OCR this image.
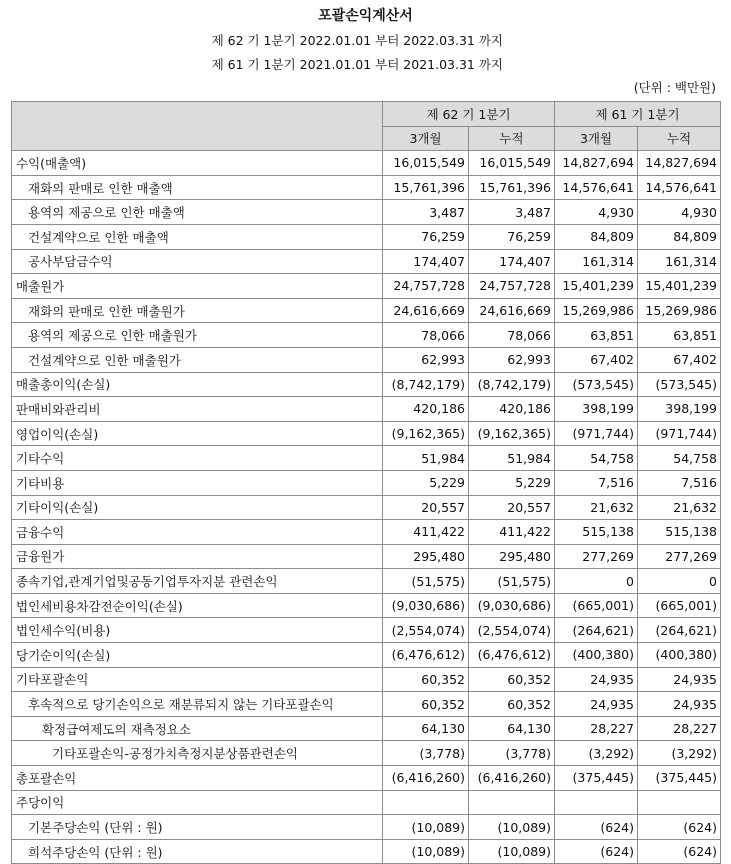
포괄손익계산서
제 62 기 1분기 2022.01.01 부터 2022.03.31 까지
제 61 기 1분기 2021.01.01 부터 2021.03.31 까지
(단위 : 백만원)
	제 62 기 1분기		제 61 기 1분기	
	3개월	누적	3개월	누적
수익(매출액)	16,015,549	16,015,549	14,827,694	14,827,694
재화의 판매로 인한 매출액	15,761,396	15,761,396	14,576,641	14,576,641
용역의 제공으로 인한 매출액	3,487	3,487	4,930	4,930
건설계약으로 인한 매출액	76,259	76,259	84,809	84,809
공사부담금수익	174,407	174,407	161,314	161,314
매출원가	24,757,728	24,757,728	15,401,239	15,401,239
재화의 판매로 인한 매출원가	24,616,669	24,616,669	15,269,986	15,269,986
용역의 제공으로 인한 매출원가	78,066	78,066	63,851	63,851
건설계약으로 인한 매출원가	62,993	62,993	67,402	67,402
매출총이익(손실)	(8,742,179)	(8,742,179)	(573,545)	(573,545)
판매비와관리비	420,186	420,186	398,199	398,199
영업이익(손실)	(9,162,365)	(9,162,365)	(971,744)	(971,744)
기타수익	51,984	51,984	54,758	54,758
기타비용	5,229	5,229	7,516	7,516
기타이익(손실)	20,557	20,557	21,632	21,632
금융수익	411,422	411,422	515,138	515,138
금융원가	295,480	295,480	277,269	277,269
종속기업,관계기업및공동기업투자지분 관련손익	(51,575)	(51,575)	0	0
법인세비용차감전순이익(손실)	(9,030,686)	(9,030,686)	(665,001)	(665,001)
법인세수익(비용)	(2,554,074)	(2,554,074)	(264,621)	(264,621)
당기순이익(손실)	(6,476,612)	(6,476,612)	(400,380)	(400,380)
기타포괄손익	60,352	60,352	24,935	24,935
후속적으로 당기손익으로 재분류되지 않는 기타포괄손익	60,352	60,352	24,935	24,935
확정급여제도의 재측정요소	64,130	64,130	28,227	28,227
기타포괄손익-공정가치측정지분상품관련손익	(3,778)	(3,778)	(3,292)	(3,292)
총포괄손익	(6,416,260)	(6,416,260)	(375,445)	(375,445)
주당이익				
기본주당손익 (단위 : 원)	(10,089)	(10,089)	(624)	(624)
희석주당손익 (단위 : 원)	(10,089)	(10,089)	(624)	(624)
